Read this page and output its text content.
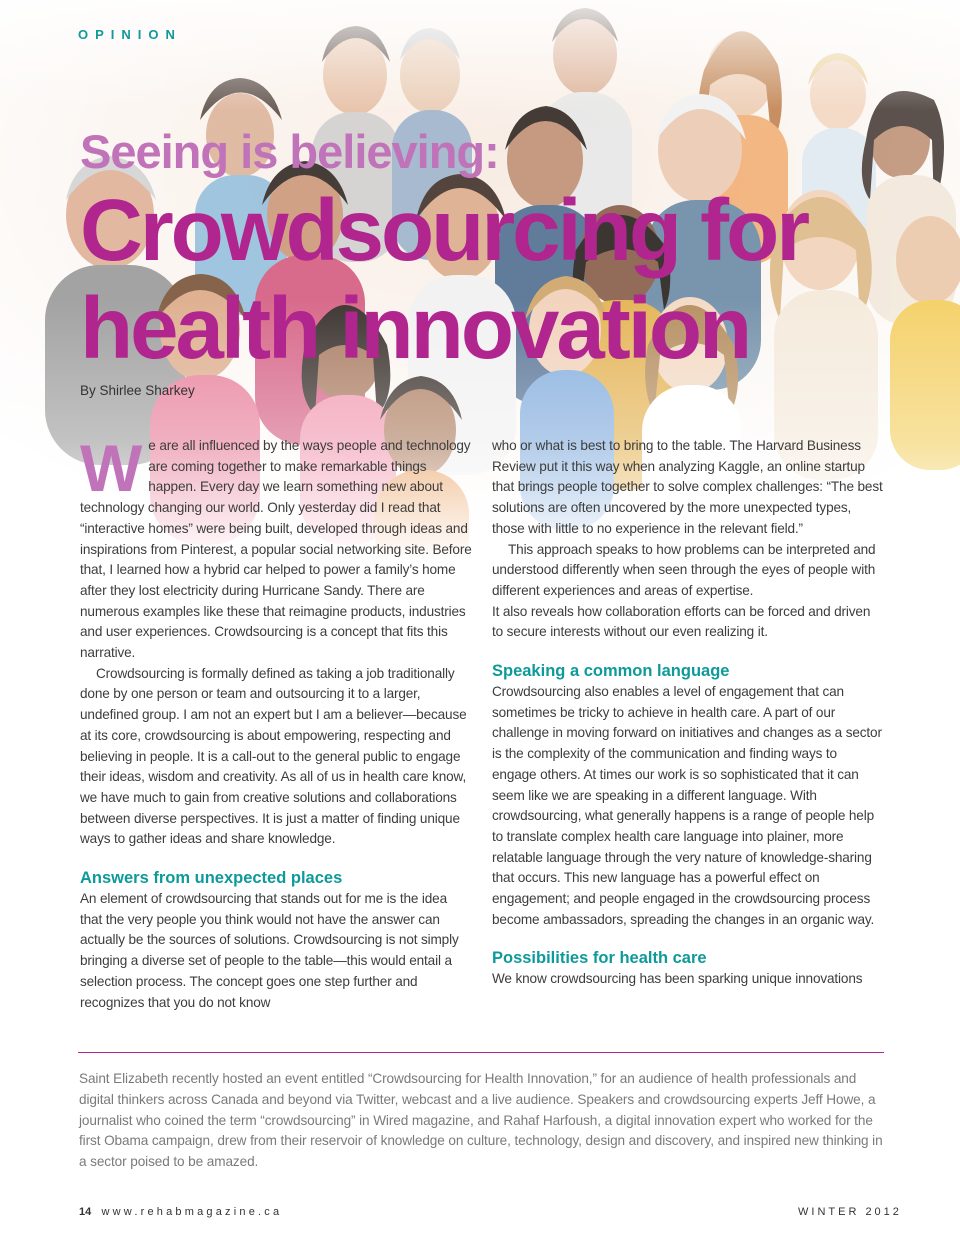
OPINION
Seeing is believing:
Crowdsourcing for
health innovation
By Shirlee Sharkey

We are all influenced by the ways people and technology are coming together to make remarkable things happen. Every day we learn something new about technology changing our world. Only yesterday did I read that “interactive homes” were being built, developed through ideas and inspirations from Pinterest, a popular social networking site. Before that, I learned how a hybrid car helped to power a family’s home after they lost electricity during Hurricane Sandy. There are numerous examples like these that reimagine products, industries and user experiences. Crowdsourcing is a concept that fits this narrative.

Crowdsourcing is formally defined as taking a job traditionally done by one person or team and outsourcing it to a larger, undefined group. I am not an expert but I am a believer—because at its core, crowdsourcing is about empowering, respecting and believing in people. It is a call-out to the general public to engage their ideas, wisdom and creativity. As all of us in health care know, we have much to gain from creative solutions and collaborations between diverse perspectives. It is just a matter of finding unique ways to gather ideas and share knowledge.

Answers from unexpected places

An element of crowdsourcing that stands out for me is the idea that the very people you think would not have the answer can actually be the sources of solutions. Crowdsourcing is not simply bringing a diverse set of people to the table—this would entail a selection process. The concept goes one step further and recognizes that you do not know

who or what is best to bring to the table. The Harvard Business Review put it this way when analyzing Kaggle, an online startup that brings people together to solve complex challenges: “The best solutions are often uncovered by the more unexpected types, those with little to no experience in the relevant field.”

This approach speaks to how problems can be interpreted and understood differently when seen through the eyes of people with different experiences and areas of expertise.

It also reveals how collaboration efforts can be forced and driven to secure interests without our even realizing it.

Speaking a common language

Crowdsourcing also enables a level of engagement that can sometimes be tricky to achieve in health care. A part of our challenge in moving forward on initiatives and changes as a sector is the complexity of the communication and finding ways to engage others. At times our work is so sophisticated that it can seem like we are speaking in a different language. With crowdsourcing, what generally happens is a range of people help to translate complex health care language into plainer, more relatable language through the very nature of knowledge-sharing that occurs. This new language has a powerful effect on engagement; and people engaged in the crowdsourcing process become ambassadors, spreading the changes in an organic way.

Possibilities for health care

We know crowdsourcing has been sparking unique innovations

Saint Elizabeth recently hosted an event entitled “Crowdsourcing for Health Innovation,” for an audience of health professionals and digital thinkers across Canada and beyond via Twitter, webcast and a live audience. Speakers and crowdsourcing experts Jeff Howe, a journalist who coined the term “crowdsourcing” in Wired magazine, and Rahaf Harfoush, a digital innovation expert who worked for the first Obama campaign, drew from their reservoir of knowledge on culture, technology, design and discovery, and inspired new thinking in a sector poised to be amazed.
14 www.rehabmagazine.ca	WINTER 2012
